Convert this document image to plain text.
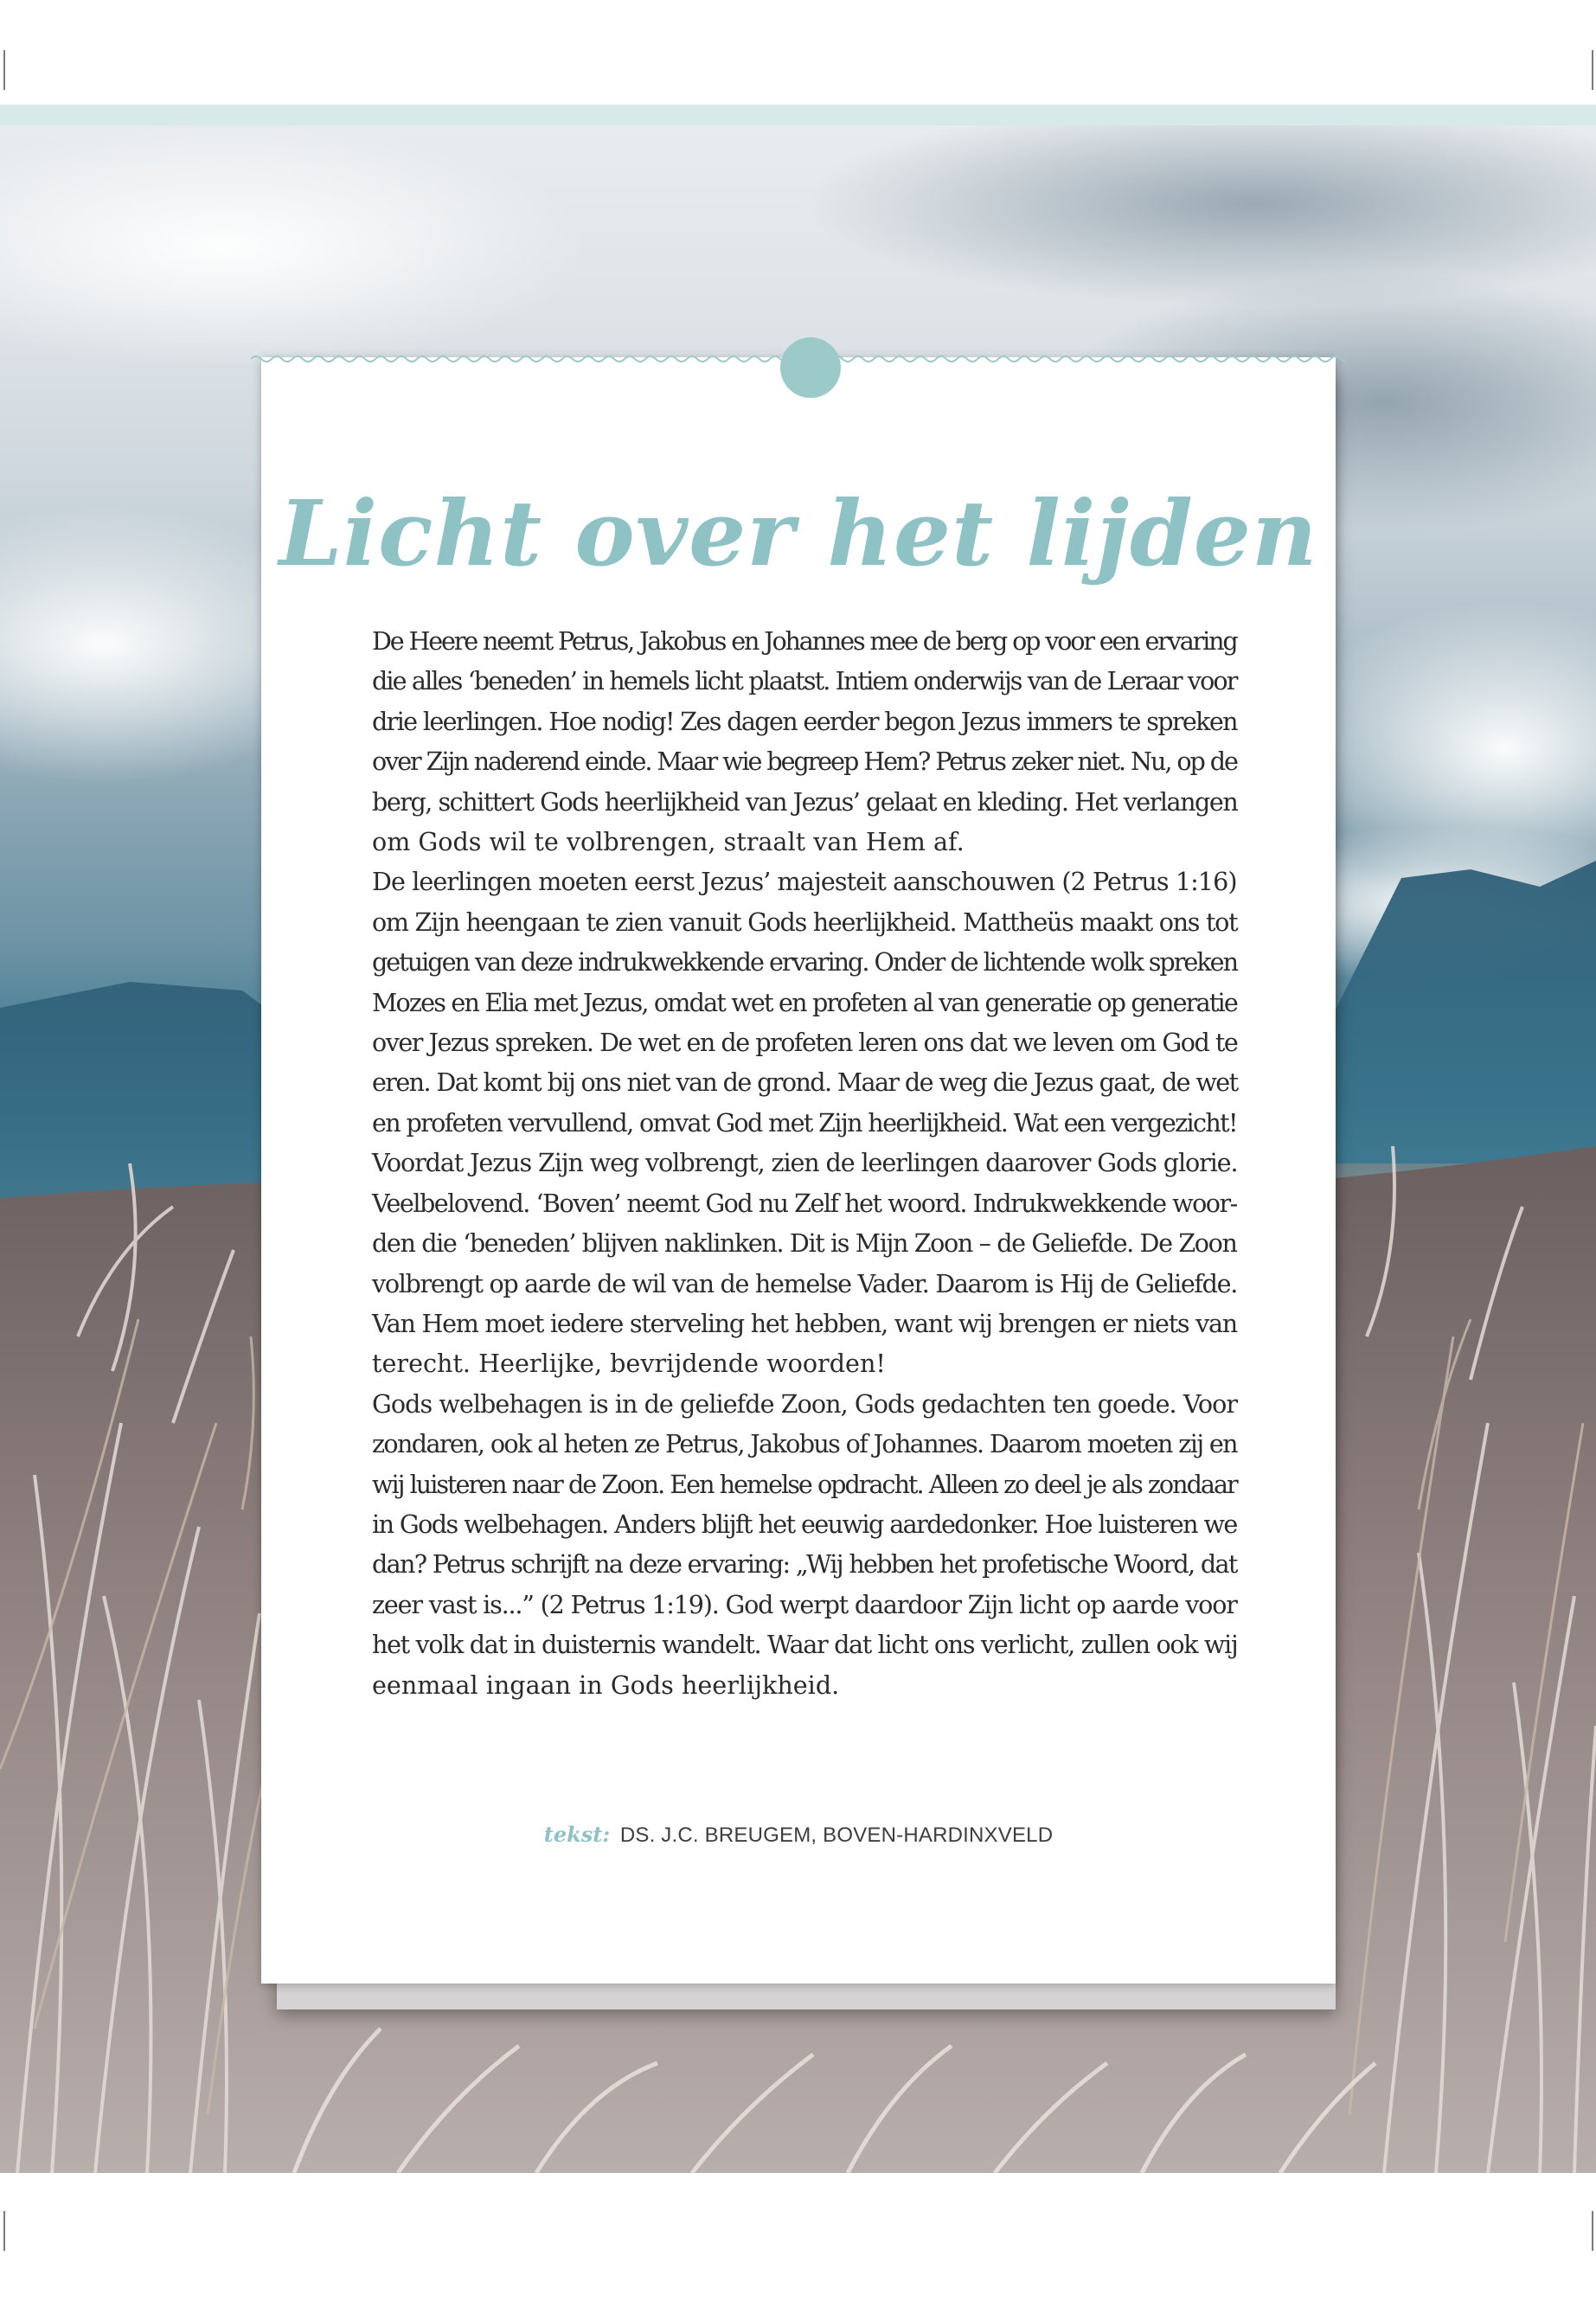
Licht over het lijden

De Heere neemt Petrus, Jakobus en Johannes mee de berg op voor een ervaring

die alles ‘beneden’ in hemels licht plaatst. Intiem onderwijs van de Leraar voor

drie leerlingen. Hoe nodig! Zes dagen eerder begon Jezus immers te spreken

over Zijn naderend einde. Maar wie begreep Hem? Petrus zeker niet. Nu, op de

berg, schittert Gods heerlijkheid van Jezus’ gelaat en kleding. Het verlangen

om Gods wil te volbrengen, straalt van Hem af.

De leerlingen moeten eerst Jezus’ majesteit aanschouwen (2 Petrus 1:16)

om Zijn heengaan te zien vanuit Gods heerlijkheid. Mattheüs maakt ons tot

getuigen van deze indrukwekkende ervaring. Onder de lichtende wolk spreken

Mozes en Elia met Jezus, omdat wet en profeten al van generatie op generatie

over Jezus spreken. De wet en de profeten leren ons dat we leven om God te

eren. Dat komt bij ons niet van de grond. Maar de weg die Jezus gaat, de wet

en profeten vervullend, omvat God met Zijn heerlijkheid. Wat een vergezicht!

Voordat Jezus Zijn weg volbrengt, zien de leerlingen daarover Gods glorie.

Veelbelovend. ‘Boven’ neemt God nu Zelf het woord. Indrukwekkende woor-

den die ‘beneden’ blijven naklinken. Dit is Mijn Zoon – de Geliefde. De Zoon

volbrengt op aarde de wil van de hemelse Vader. Daarom is Hij de Geliefde.

Van Hem moet iedere sterveling het hebben, want wij brengen er niets van

terecht. Heerlijke, bevrijdende woorden!

Gods welbehagen is in de geliefde Zoon, Gods gedachten ten goede. Voor

zondaren, ook al heten ze Petrus, Jakobus of Johannes. Daarom moeten zij en

wij luisteren naar de Zoon. Een hemelse opdracht. Alleen zo deel je als zondaar

in Gods welbehagen. Anders blijft het eeuwig aardedonker. Hoe luisteren we

dan? Petrus schrijft na deze ervaring: „Wij hebben het profetische Woord, dat

zeer vast is...” (2 Petrus 1:19). God werpt daardoor Zijn licht op aarde voor

het volk dat in duisternis wandelt. Waar dat licht ons verlicht, zullen ook wij

eenmaal ingaan in Gods heerlijkheid.

tekst: DS. J.C. BREUGEM, BOVEN-HARDINXVELD
